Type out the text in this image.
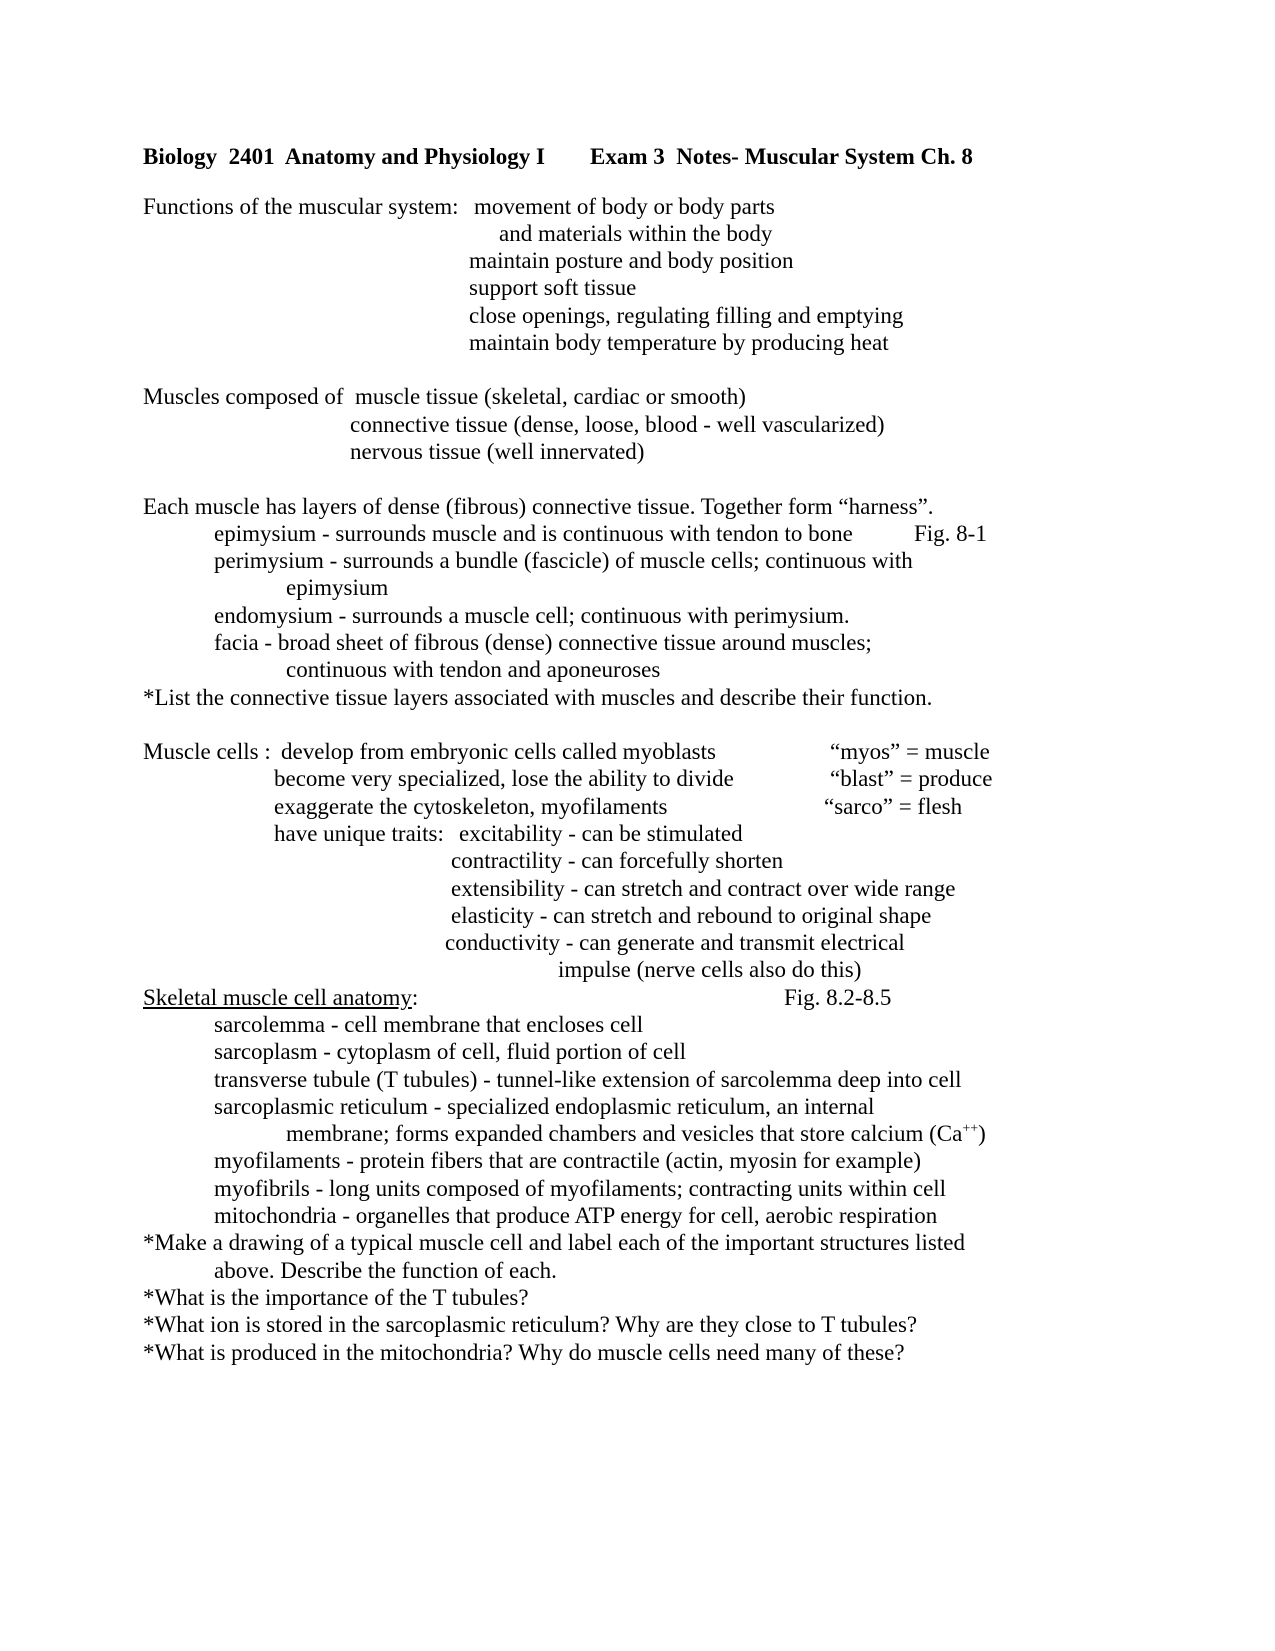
Biology  2401  Anatomy and Physiology I Exam 3  Notes- Muscular System Ch. 8
Functions of the muscular system: movement of body or body parts
and materials within the body
maintain posture and body position
support soft tissue
close openings, regulating filling and emptying
maintain body temperature by producing heat
Muscles composed of muscle tissue (skeletal, cardiac or smooth)
connective tissue (dense, loose, blood - well vascularized)
nervous tissue (well innervated)
Each muscle has layers of dense (fibrous) connective tissue. Together form “harness”.
epimysium - surrounds muscle and is continuous with tendon to bone	Fig. 8-1
perimysium - surrounds a bundle (fascicle) of muscle cells; continuous with
epimysium
endomysium - surrounds a muscle cell; continuous with perimysium.
facia - broad sheet of fibrous (dense) connective tissue around muscles;
continuous with tendon and aponeuroses
*List the connective tissue layers associated with muscles and describe their function.
Muscle cells : develop from embryonic cells called myoblasts	“myos” = muscle
become very specialized, lose the ability to divide	“blast” = produce
exaggerate the cytoskeleton, myofilaments	“sarco” = flesh
have unique traits: excitability - can be stimulated
contractility - can forcefully shorten
extensibility - can stretch and contract over wide range
elasticity - can stretch and rebound to original shape
conductivity - can generate and transmit electrical
impulse (nerve cells also do this)
Skeletal muscle cell anatomy:	Fig. 8.2-8.5
sarcolemma - cell membrane that encloses cell
sarcoplasm - cytoplasm of cell, fluid portion of cell
transverse tubule (T tubules) - tunnel-like extension of sarcolemma deep into cell
sarcoplasmic reticulum - specialized endoplasmic reticulum, an internal
membrane; forms expanded chambers and vesicles that store calcium (Ca++)
myofilaments - protein fibers that are contractile (actin, myosin for example)
myofibrils - long units composed of myofilaments; contracting units within cell
mitochondria - organelles that produce ATP energy for cell, aerobic respiration
*Make a drawing of a typical muscle cell and label each of the important structures listed
above. Describe the function of each.
*What is the importance of the T tubules?
*What ion is stored in the sarcoplasmic reticulum? Why are they close to T tubules?
*What is produced in the mitochondria? Why do muscle cells need many of these?
